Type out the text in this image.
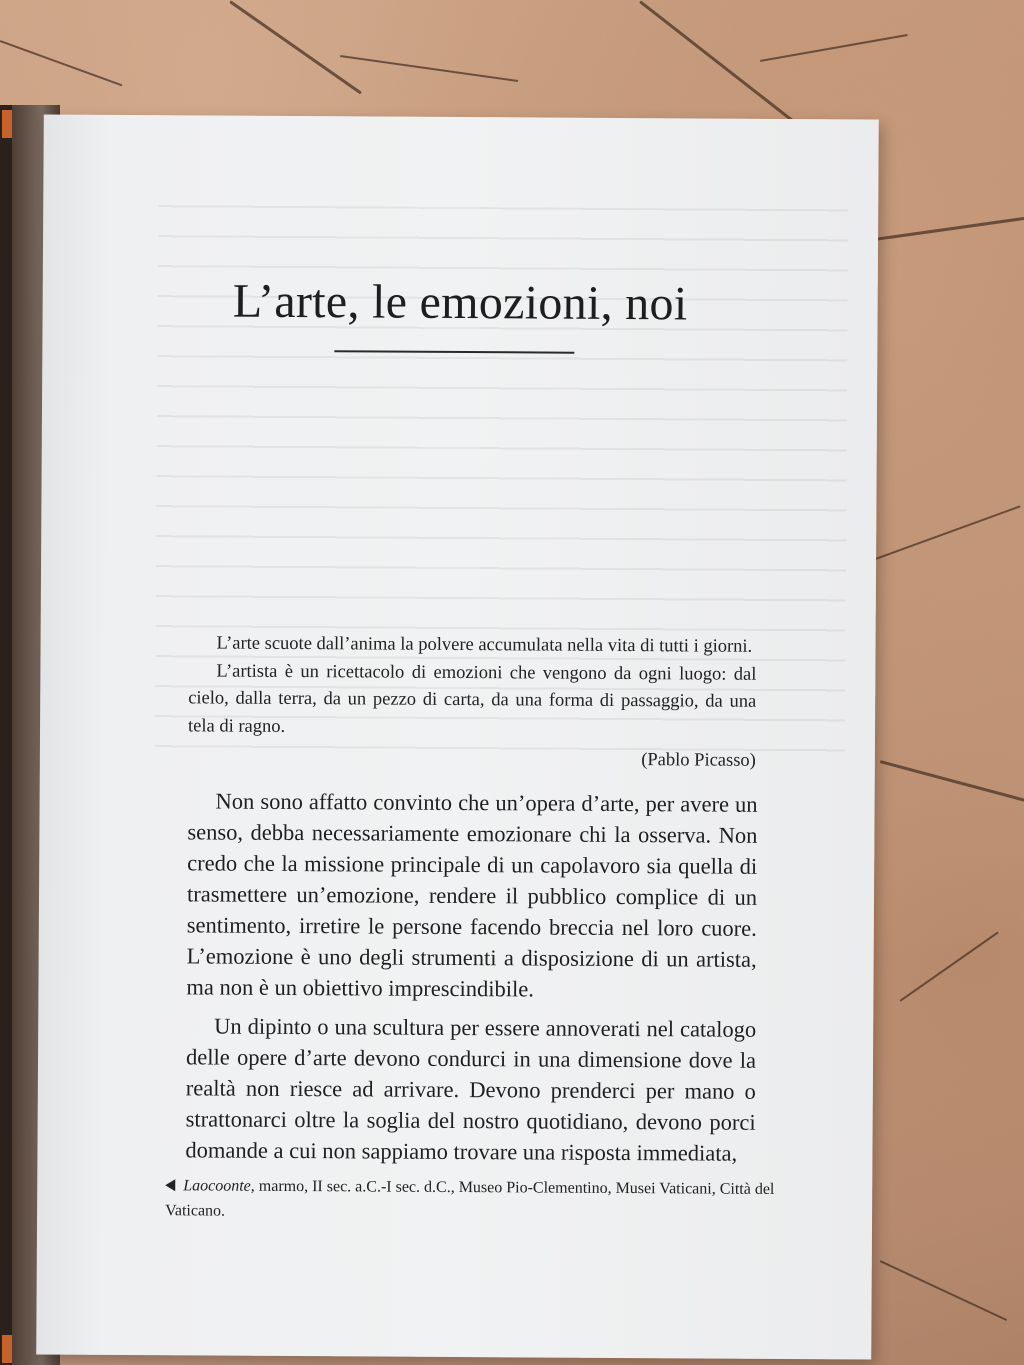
L’arte, le emozioni, noi

L’arte scuote dall’anima la polvere accumulata nella vita di tutti i giorni.

L’artista è un ricettacolo di emozioni che vengono da ogni luogo: dal cielo, dalla terra, da un pezzo di carta, da una forma di passaggio, da una tela di ragno.

(Pablo Picasso)

Non sono affatto convinto che un’opera d’arte, per avere un senso, debba necessariamente emozionare chi la osserva. Non credo che la missione principale di un capolavoro sia quella di trasmettere un’emozione, rendere il pubblico complice di un sentimento, irretire le persone facendo breccia nel loro cuore. L’emozione è uno degli strumenti a disposizione di un artista, ma non è un obiettivo imprescindibile.

Un dipinto o una scultura per essere annoverati nel catalogo delle opere d’arte devono condurci in una dimensione dove la realtà non riesce ad arrivare. Devono prenderci per mano o strattonarci oltre la soglia del nostro quotidiano, devono porci domande a cui non sappiamo trovare una risposta immediata,

Laocoonte, marmo, II sec. a.C.-I sec. d.C., Museo Pio-Clementino, Musei Vaticani, Città del Vaticano.
